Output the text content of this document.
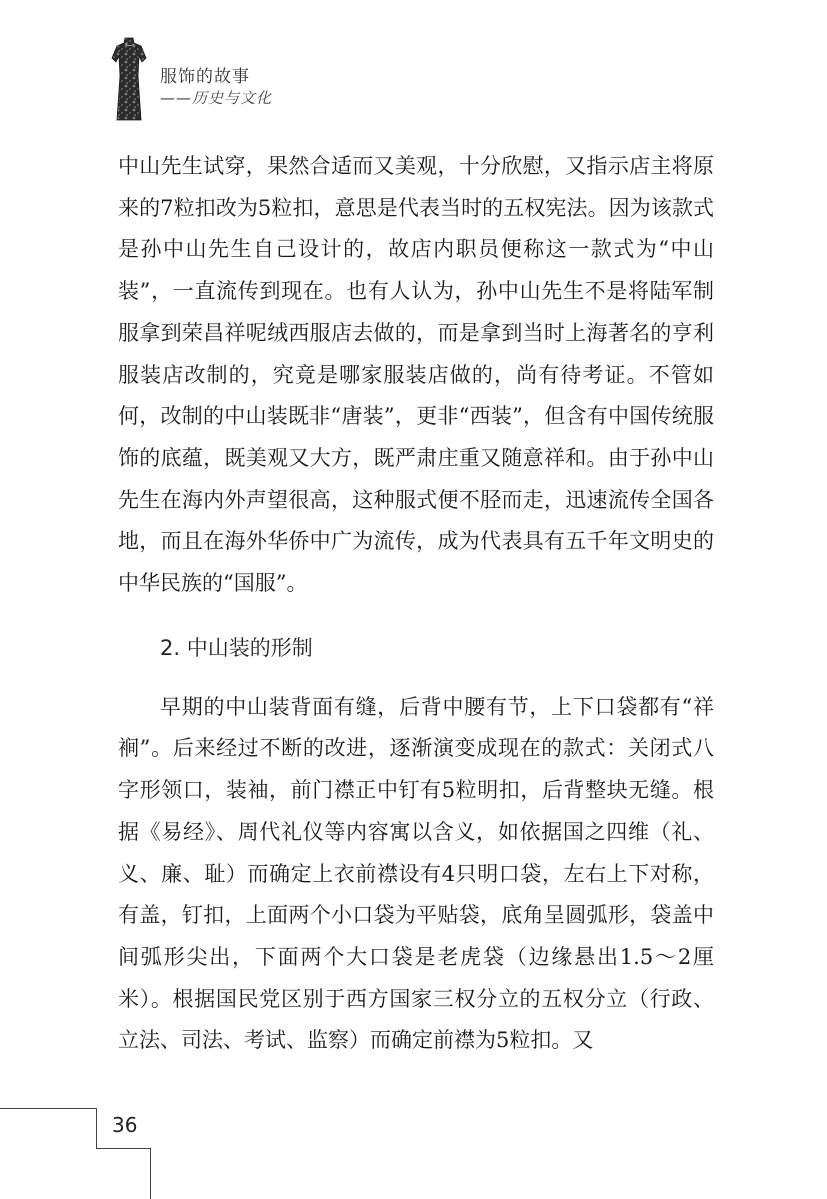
服饰的故事
——历史与文化

中山先生试穿，果然合适而又美观，十分欣慰，又指示店主将原来的7粒扣改为5粒扣，意思是代表当时的五权宪法。因为该款式是孙中山先生自己设计的，故店内职员便称这一款式为“中山装”，一直流传到现在。也有人认为，孙中山先生不是将陆军制服拿到荣昌祥呢绒西服店去做的，而是拿到当时上海著名的亨利服装店改制的，究竟是哪家服装店做的，尚有待考证。不管如何，改制的中山装既非“唐装”，更非“西装”，但含有中国传统服饰的底蕴，既美观又大方，既严肃庄重又随意祥和。由于孙中山先生在海内外声望很高，这种服式便不胫而走，迅速流传全国各地，而且在海外华侨中广为流传，成为代表具有五千年文明史的中华民族的“国服”。

2. 中山装的形制

早期的中山装背面有缝，后背中腰有节，上下口袋都有“祥裥”。后来经过不断的改进，逐渐演变成现在的款式：关闭式八字形领口，装袖，前门襟正中钉有5粒明扣，后背整块无缝。根据《易经》、周代礼仪等内容寓以含义，如依据国之四维（礼、义、廉、耻）而确定上衣前襟设有4只明口袋，左右上下对称，有盖，钉扣，上面两个小口袋为平贴袋，底角呈圆弧形，袋盖中间弧形尖出，下面两个大口袋是老虎袋（边缘悬出1.5～2厘米）。根据国民党区别于西方国家三权分立的五权分立（行政、立法、司法、考试、监察）而确定前襟为5粒扣。又

36
